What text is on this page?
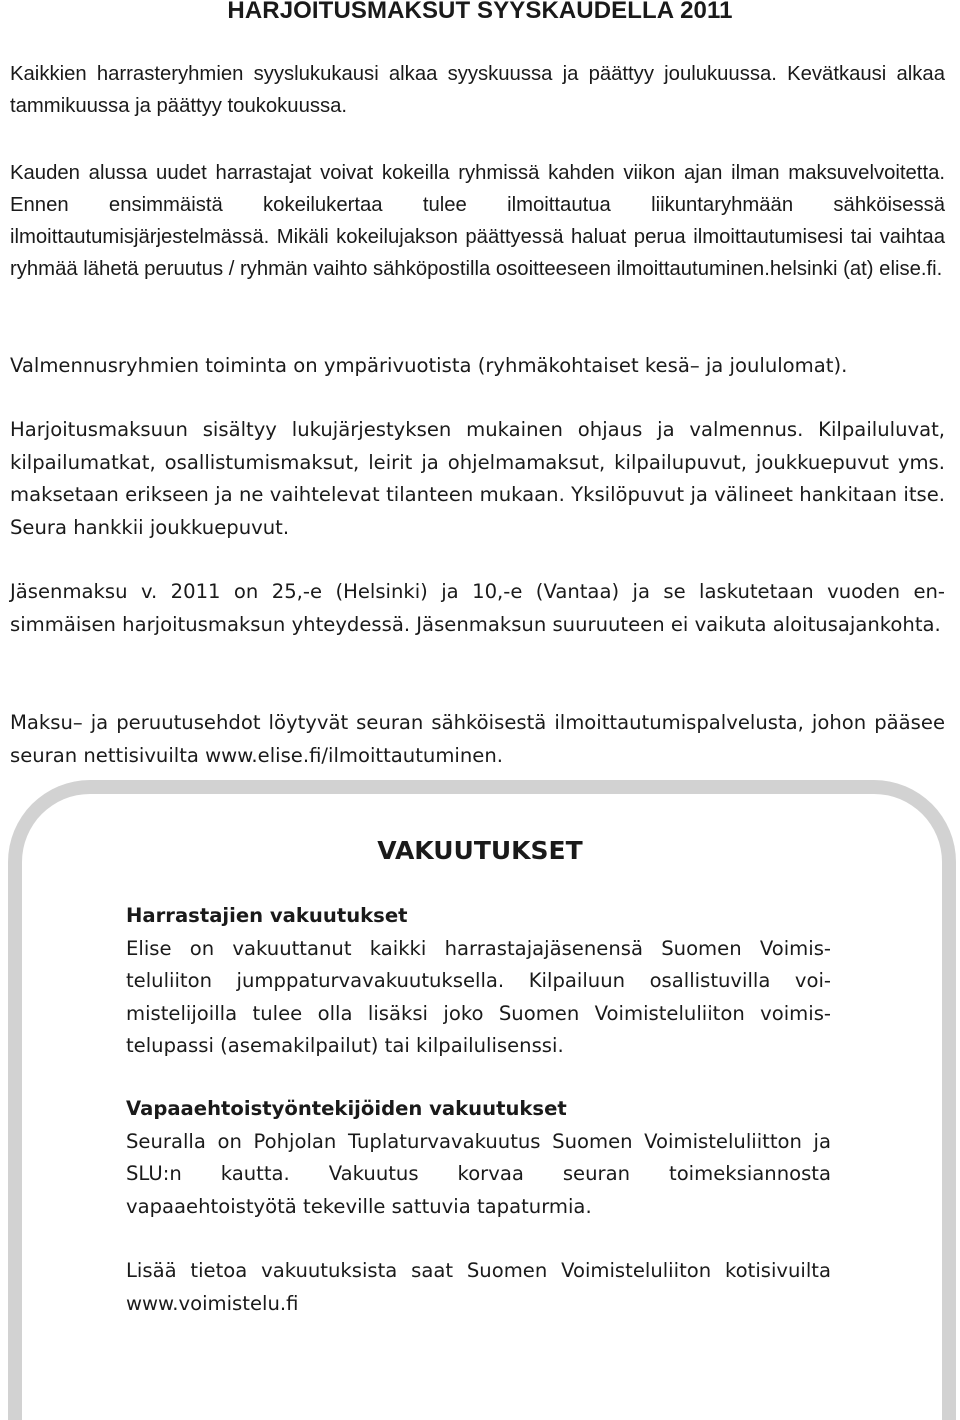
HARJOITUSMAKSUT SYYSKAUDELLA 2011

Kaikkien harrasteryhmien syyslukukausi alkaa syyskuussa ja päättyy joulukuussa. Kevätkausi alkaa tammikuussa ja päättyy toukokuussa.

Kauden alussa uudet harrastajat voivat kokeilla ryhmissä kahden viikon ajan ilman maksuvelvoitetta. Ennen ensimmäistä kokeilukertaa tulee ilmoittautua liikuntaryhmään sähköisessä ilmoittautumisjärjestelmässä. Mikäli kokeilujakson päättyessä haluat perua ilmoittautumisesi tai vaihtaa ryhmää lähetä peruutus / ryhmän vaihto sähköpostilla osoitteeseen ilmoittautuminen.helsinki (at) elise.fi.

Valmennusryhmien toiminta on ympärivuotista (ryhmäkohtaiset kesä– ja joululomat).

Harjoitusmaksuun sisältyy lukujärjestyksen mukainen ohjaus ja valmennus. Kilpailuluvat, kilpailumatkat, osallistumismaksut, leirit ja ohjelmamaksut, kilpailupuvut, joukkuepuvut yms. maksetaan erikseen ja ne vaihtelevat tilanteen mukaan. Yksilöpuvut ja välineet hankitaan itse. Seura hankkii joukkuepuvut.

Jäsenmaksu v. 2011 on 25,-e (Helsinki) ja 10,-e (Vantaa) ja se laskutetaan vuoden ensimmäisen harjoitusmaksun yhteydessä. Jäsenmaksun suuruuteen ei vaikuta aloitusajankohta.

Maksu– ja peruutusehdot löytyvät seuran sähköisestä ilmoittautumispalvelusta, johon pääsee seuran nettisivuilta www.elise.fi/ilmoittautuminen.

VAKUUTUKSET

Harrastajien vakuutukset
Elise on vakuuttanut kaikki harrastajajäsenensä Suomen Voimisteluliiton jumppaturvavakuutuksella. Kilpailuun osallistuvilla voimistelijoilla tulee olla lisäksi joko Suomen Voimisteluliiton voimistelupassi (asemakilpailut) tai kilpailulisenssi.

Vapaaehtoistyöntekijöiden vakuutukset
Seuralla on Pohjolan Tuplaturvavakuutus Suomen Voimisteluliitton ja SLU:n kautta. Vakuutus korvaa seuran toimeksiannosta vapaaehtoistyötä tekeville sattuvia tapaturmia.

Lisää tietoa vakuutuksista saat Suomen Voimisteluliiton kotisivuilta www.voimistelu.fi
